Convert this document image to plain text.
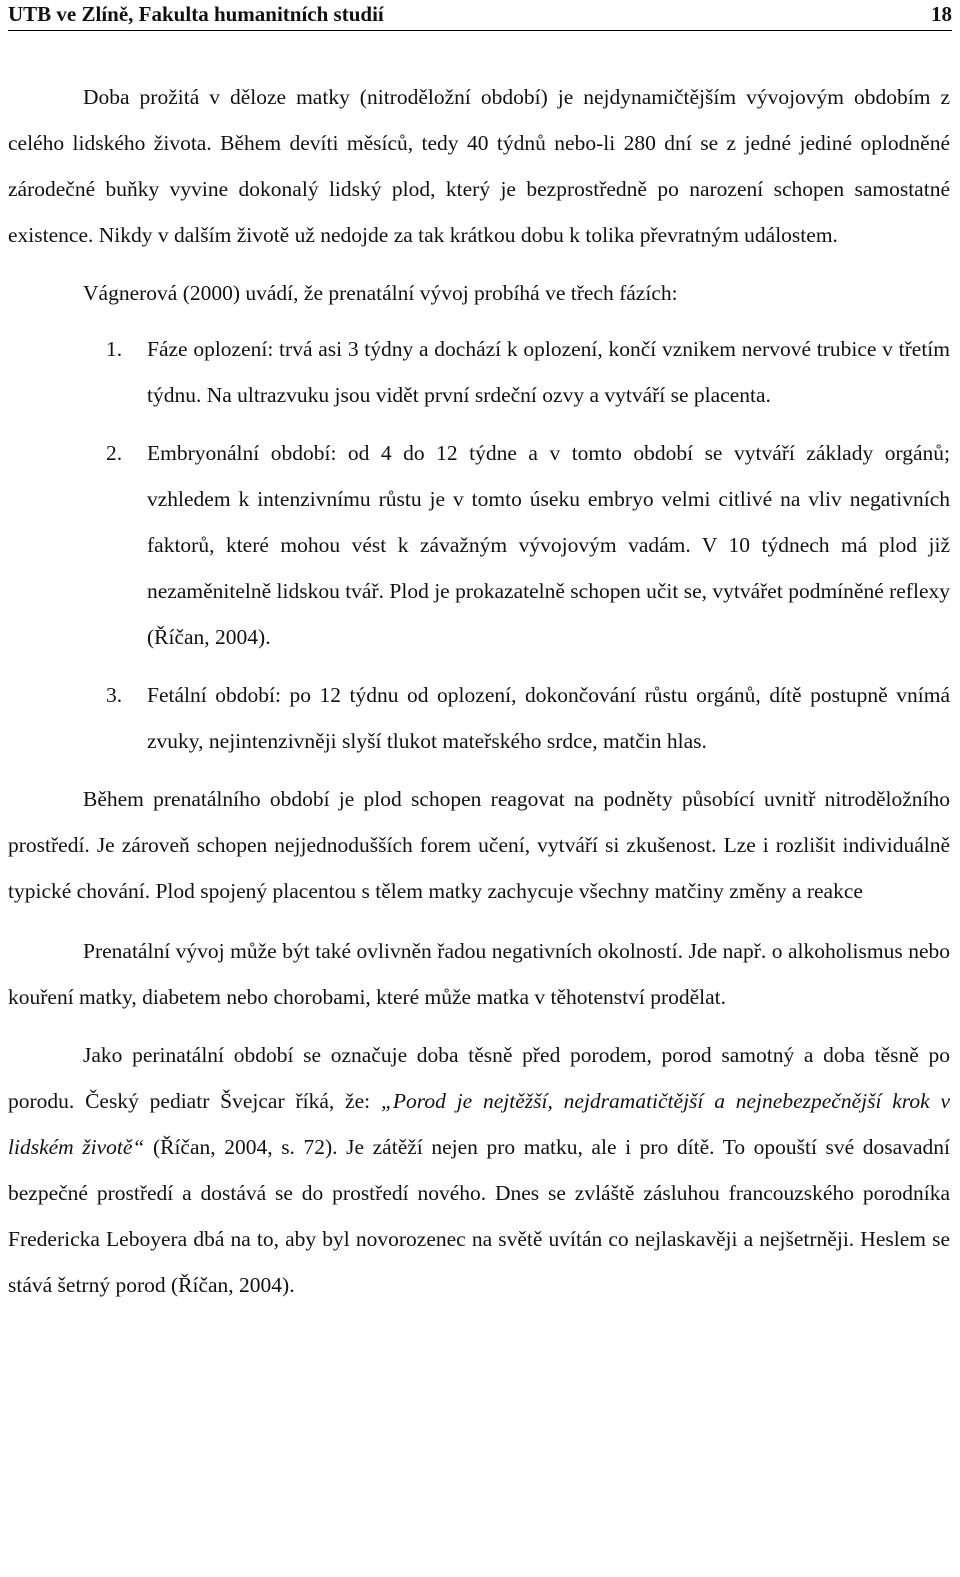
UTB ve Zlíně, Fakulta humanitních studií	18

Doba prožitá v děloze matky (nitroděložní období) je nejdynamičtějším vývojovým obdobím z celého lidského života. Během devíti měsíců, tedy 40 týdnů nebo-li 280 dní se z jedné jediné oplodněné zárodečné buňky vyvine dokonalý lidský plod, který je bezprostředně po narození schopen samostatné existence. Nikdy v dalším životě už nedojde za tak krátkou dobu k tolika převratným událostem.

Vágnerová (2000) uvádí, že prenatální vývoj probíhá ve třech fázích:

1.	Fáze oplození: trvá asi 3 týdny a dochází k oplození, končí vznikem nervové trubice v třetím týdnu. Na ultrazvuku jsou vidět první srdeční ozvy a vytváří se placenta.
2.	Embryonální období: od 4 do 12 týdne a v tomto období se vytváří základy orgánů; vzhledem k intenzivnímu růstu je v tomto úseku embryo velmi citlivé na vliv negativních faktorů, které mohou vést k závažným vývojovým vadám. V 10 týdnech má plod již nezaměnitelně lidskou tvář. Plod je prokazatelně schopen učit se, vytvářet podmíněné reflexy (Říčan, 2004).
3.	Fetální období: po 12 týdnu od oplození, dokončování růstu orgánů, dítě postupně vnímá zvuky, nejintenzivněji slyší tlukot mateřského srdce, matčin hlas.

Během prenatálního období je plod schopen reagovat na podněty působící uvnitř nitroděložního prostředí. Je zároveň schopen nejjednodušších forem učení, vytváří si zkušenost. Lze i rozlišit individuálně typické chování. Plod spojený placentou s tělem matky zachycuje všechny matčiny změny a reakce

Prenatální vývoj může být také ovlivněn řadou negativních okolností. Jde např. o alkoholismus nebo kouření matky, diabetem nebo chorobami, které může matka v těhotenství prodělat.

Jako perinatální období se označuje doba těsně před porodem, porod samotný a doba těsně po porodu. Český pediatr Švejcar říká, že: „Porod je nejtěžší, nejdramatičtější a nejnebezpečnější krok v lidském životě“ (Říčan, 2004, s. 72). Je zátěží nejen pro matku, ale i pro dítě. To opouští své dosavadní bezpečné prostředí a dostává se do prostředí nového. Dnes se zvláště zásluhou francouzského porodníka Fredericka Leboyera dbá na to, aby byl novorozenec na světě uvítán co nejlaskavěji a nejšetrněji. Heslem se stává šetrný porod (Říčan, 2004).
